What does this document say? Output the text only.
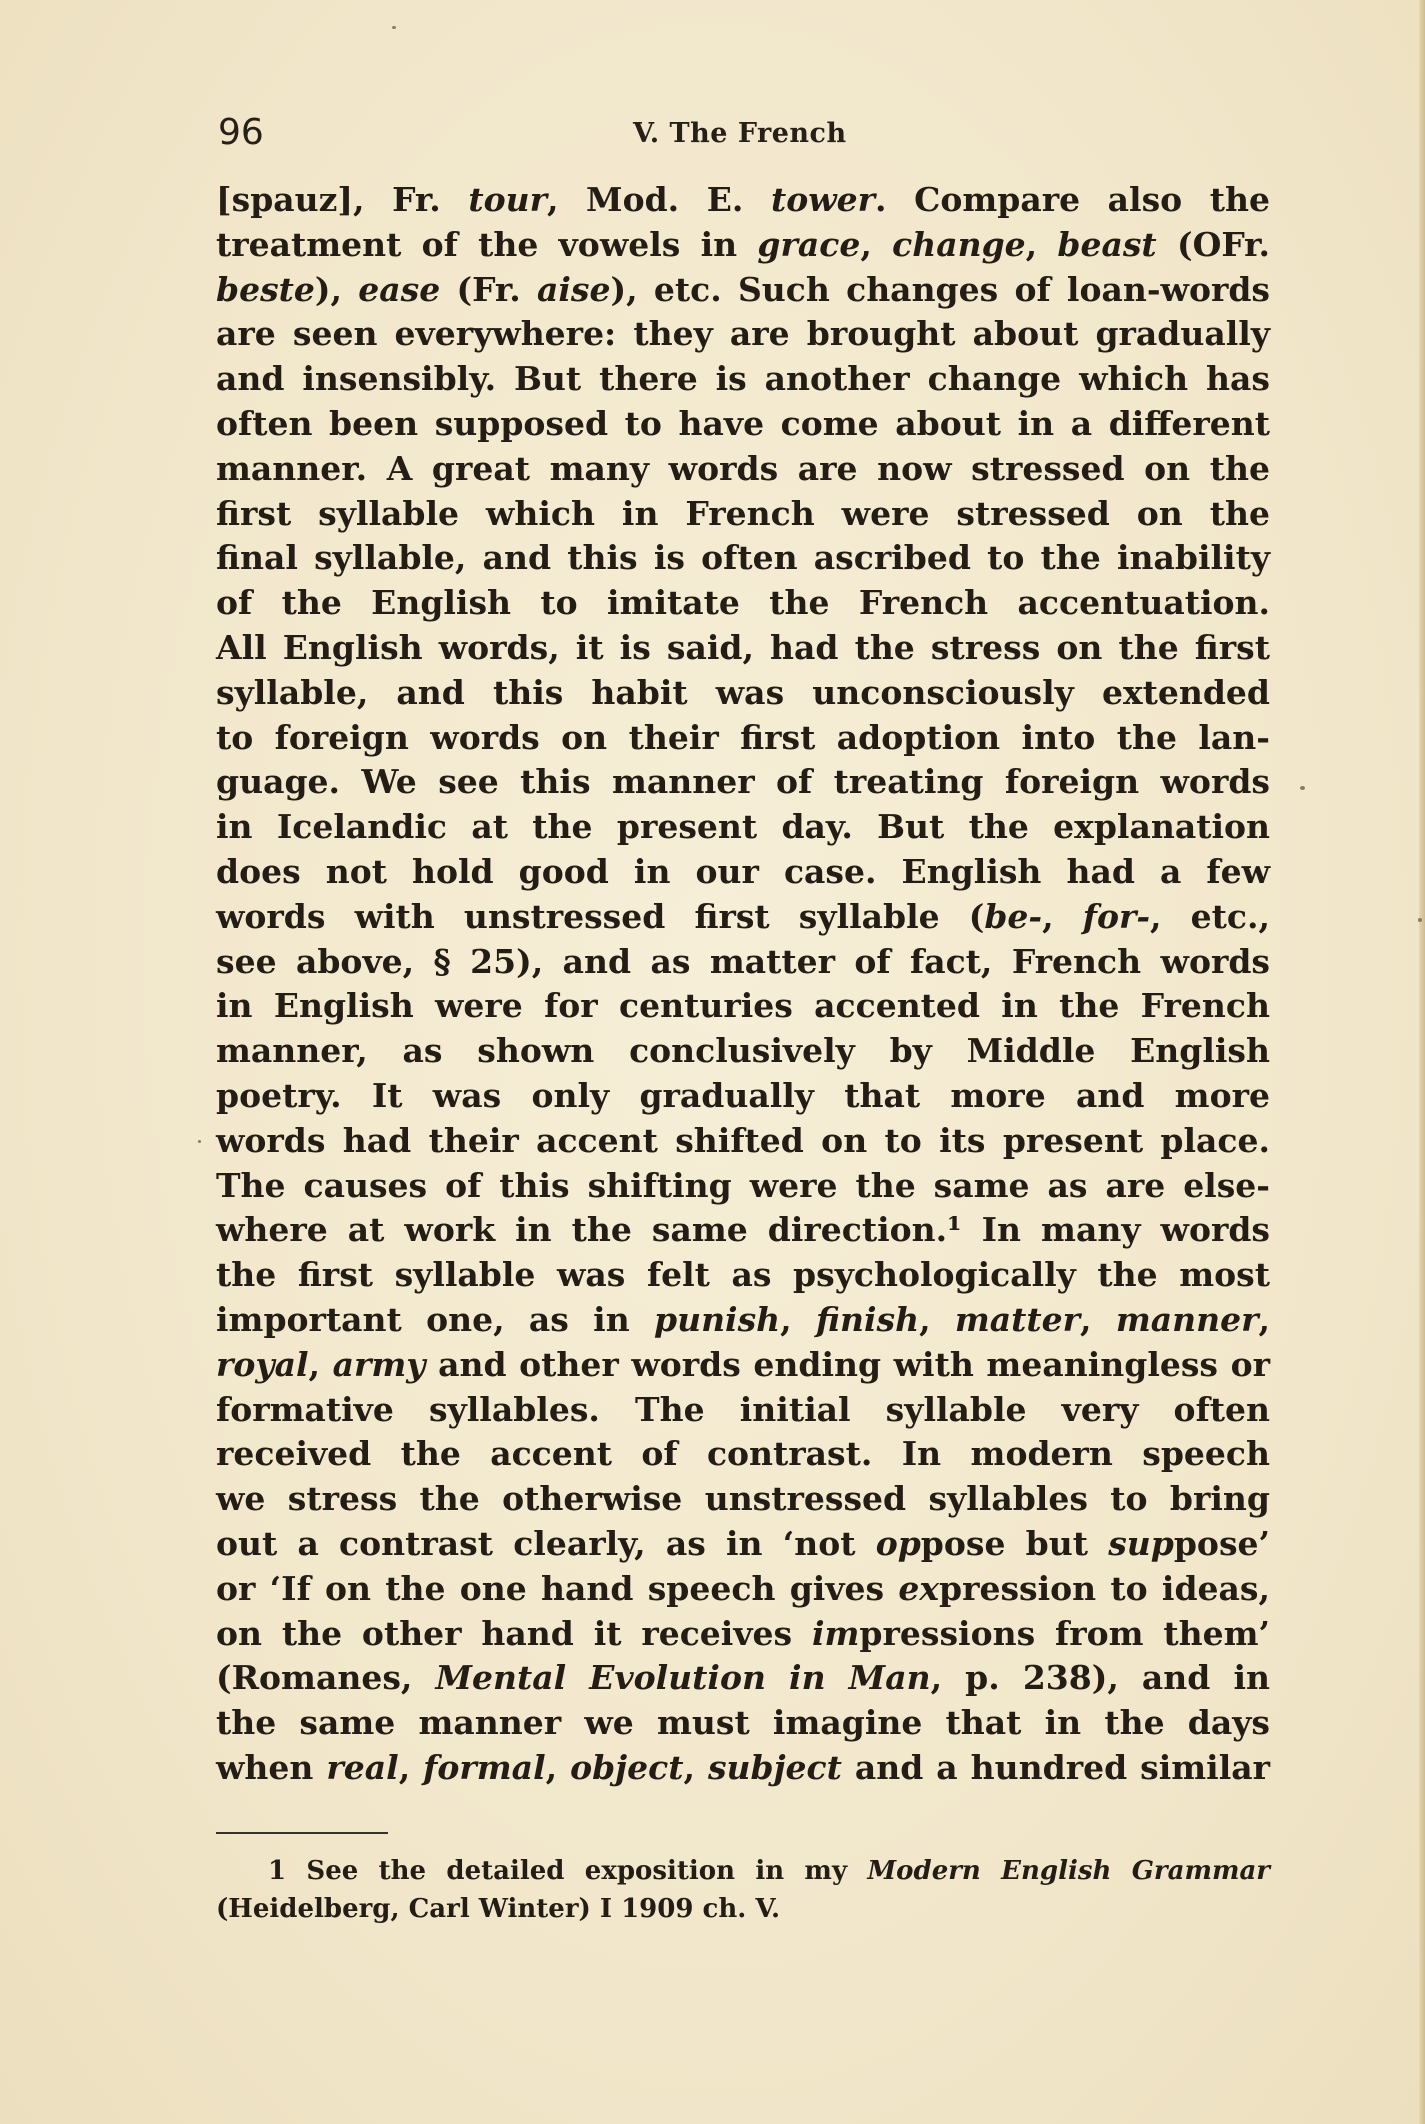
96	V. The French
[spauz], Fr. tour, Mod. E. tower. Compare also the
treatment of the vowels in grace, change, beast (OFr.
beste), ease (Fr. aise), etc. Such changes of loan-words
are seen everywhere: they are brought about gradually
and insensibly. But there is another change which has
often been supposed to have come about in a different
manner. A great many words are now stressed on the
first syllable which in French were stressed on the
final syllable, and this is often ascribed to the inability
of the English to imitate the French accentuation.
All English words, it is said, had the stress on the first
syllable, and this habit was unconsciously extended
to foreign words on their first adoption into the lan-
guage. We see this manner of treating foreign words
in Icelandic at the present day. But the explanation
does not hold good in our case. English had a few
words with unstressed first syllable (be-, for-, etc.,
see above, § 25), and as matter of fact, French words
in English were for centuries accented in the French
manner, as shown conclusively by Middle English
poetry. It was only gradually that more and more
words had their accent shifted on to its present place.
The causes of this shifting were the same as are else-
where at work in the same direction.¹ In many words
the first syllable was felt as psychologically the most
important one, as in punish, finish, matter, manner,
royal, army and other words ending with meaningless or
formative syllables. The initial syllable very often
received the accent of contrast. In modern speech
we stress the otherwise unstressed syllables to bring
out a contrast clearly, as in ‘not oppose but suppose’
or ‘If on the one hand speech gives expression to ideas,
on the other hand it receives impressions from them’
(Romanes, Mental Evolution in Man, p. 238), and in
the same manner we must imagine that in the days
when real, formal, object, subject and a hundred similar
1 See the detailed exposition in my Modern English Grammar
(Heidelberg, Carl Winter) I 1909 ch. V.
